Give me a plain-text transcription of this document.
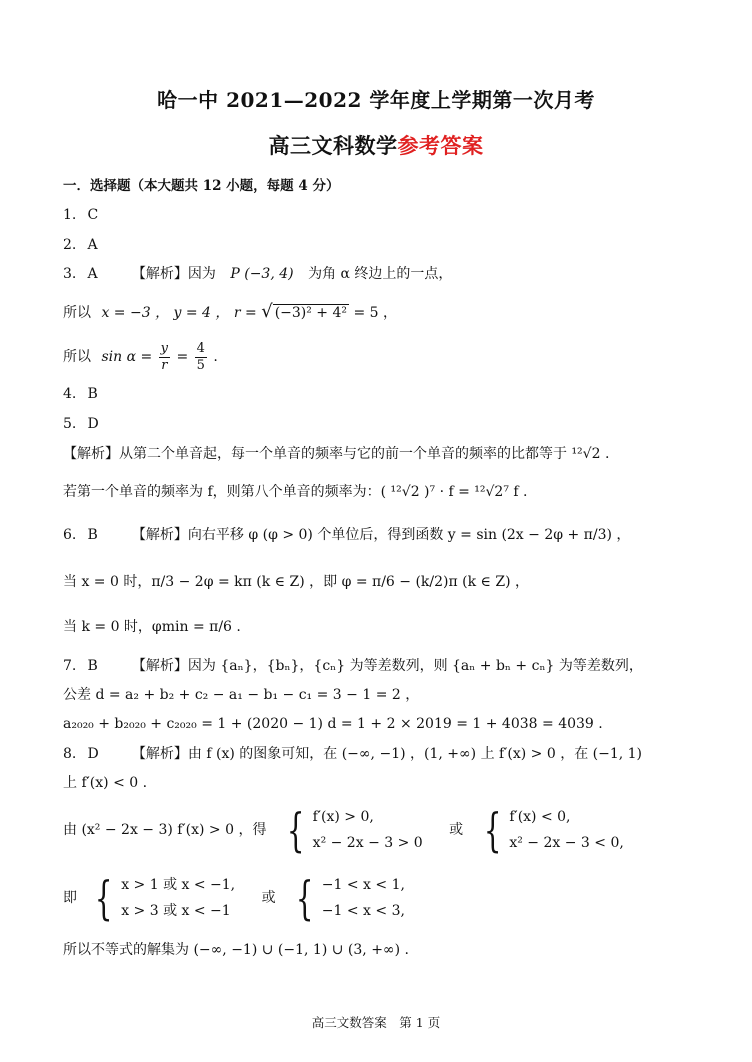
哈一中 2021—2022 学年度上学期第一次月考
高三文科数学参考答案
一．选择题（本大题共 12 小题，每题 4 分）
1. C
2. A
3. A 【解析】因为 P (−3, 4) 为角 α 终边上的一点，
所以 x = −3 ， y = 4 ， r = √ (−3)² + 4² = 5 ，
所以 $\sin \alpha = \frac{y}{r} = \frac{4}{5}$ .
4. B
5. D
【解析】从第二个单音起，每一个单音的频率与它的前一个单音的频率的比都等于 ¹²√2 .
若第一个单音的频率为 f，则第八个单音的频率为：( ¹²√2 )⁷ · f = ¹²√2⁷ f .
6. B 【解析】向右平移 φ (φ > 0) 个单位后，得到函数 y = sin (2x − 2φ + π/3) ，
当 x = 0 时，π/3 − 2φ = kπ (k ∈ Z) ，即 φ = π/6 − (k/2)π (k ∈ Z) ，
当 k = 0 时，φmin = π/6 .
7. B 【解析】因为 {aₙ}，{bₙ}，{cₙ} 为等差数列，则 {aₙ + bₙ + cₙ} 为等差数列，
公差 d = a₂ + b₂ + c₂ − a₁ − b₁ − c₁ = 3 − 1 = 2 ，
a₂₀₂₀ + b₂₀₂₀ + c₂₀₂₀ = 1 + (2020 − 1) d = 1 + 2 × 2019 = 1 + 4038 = 4039 .
8. D 【解析】由 f (x) 的图象可知，在 (−∞, −1) ，(1, +∞) 上 f′(x) > 0 ，在 (−1, 1)
上 f′(x) < 0 .
由 (x² − 2x − 3) f′(x) > 0 ，得 { f′(x) > 0,
x² − 2x − 3 > 0
或 { f′(x) < 0,
x² − 2x − 3 < 0,
即 { x > 1 或 x < −1,
x > 3 或 x < −1
或 { −1 < x < 1,
−1 < x < 3,
所以不等式的解集为 (−∞, −1) ∪ (−1, 1) ∪ (3, +∞) .
高三文数答案　第 1 页
